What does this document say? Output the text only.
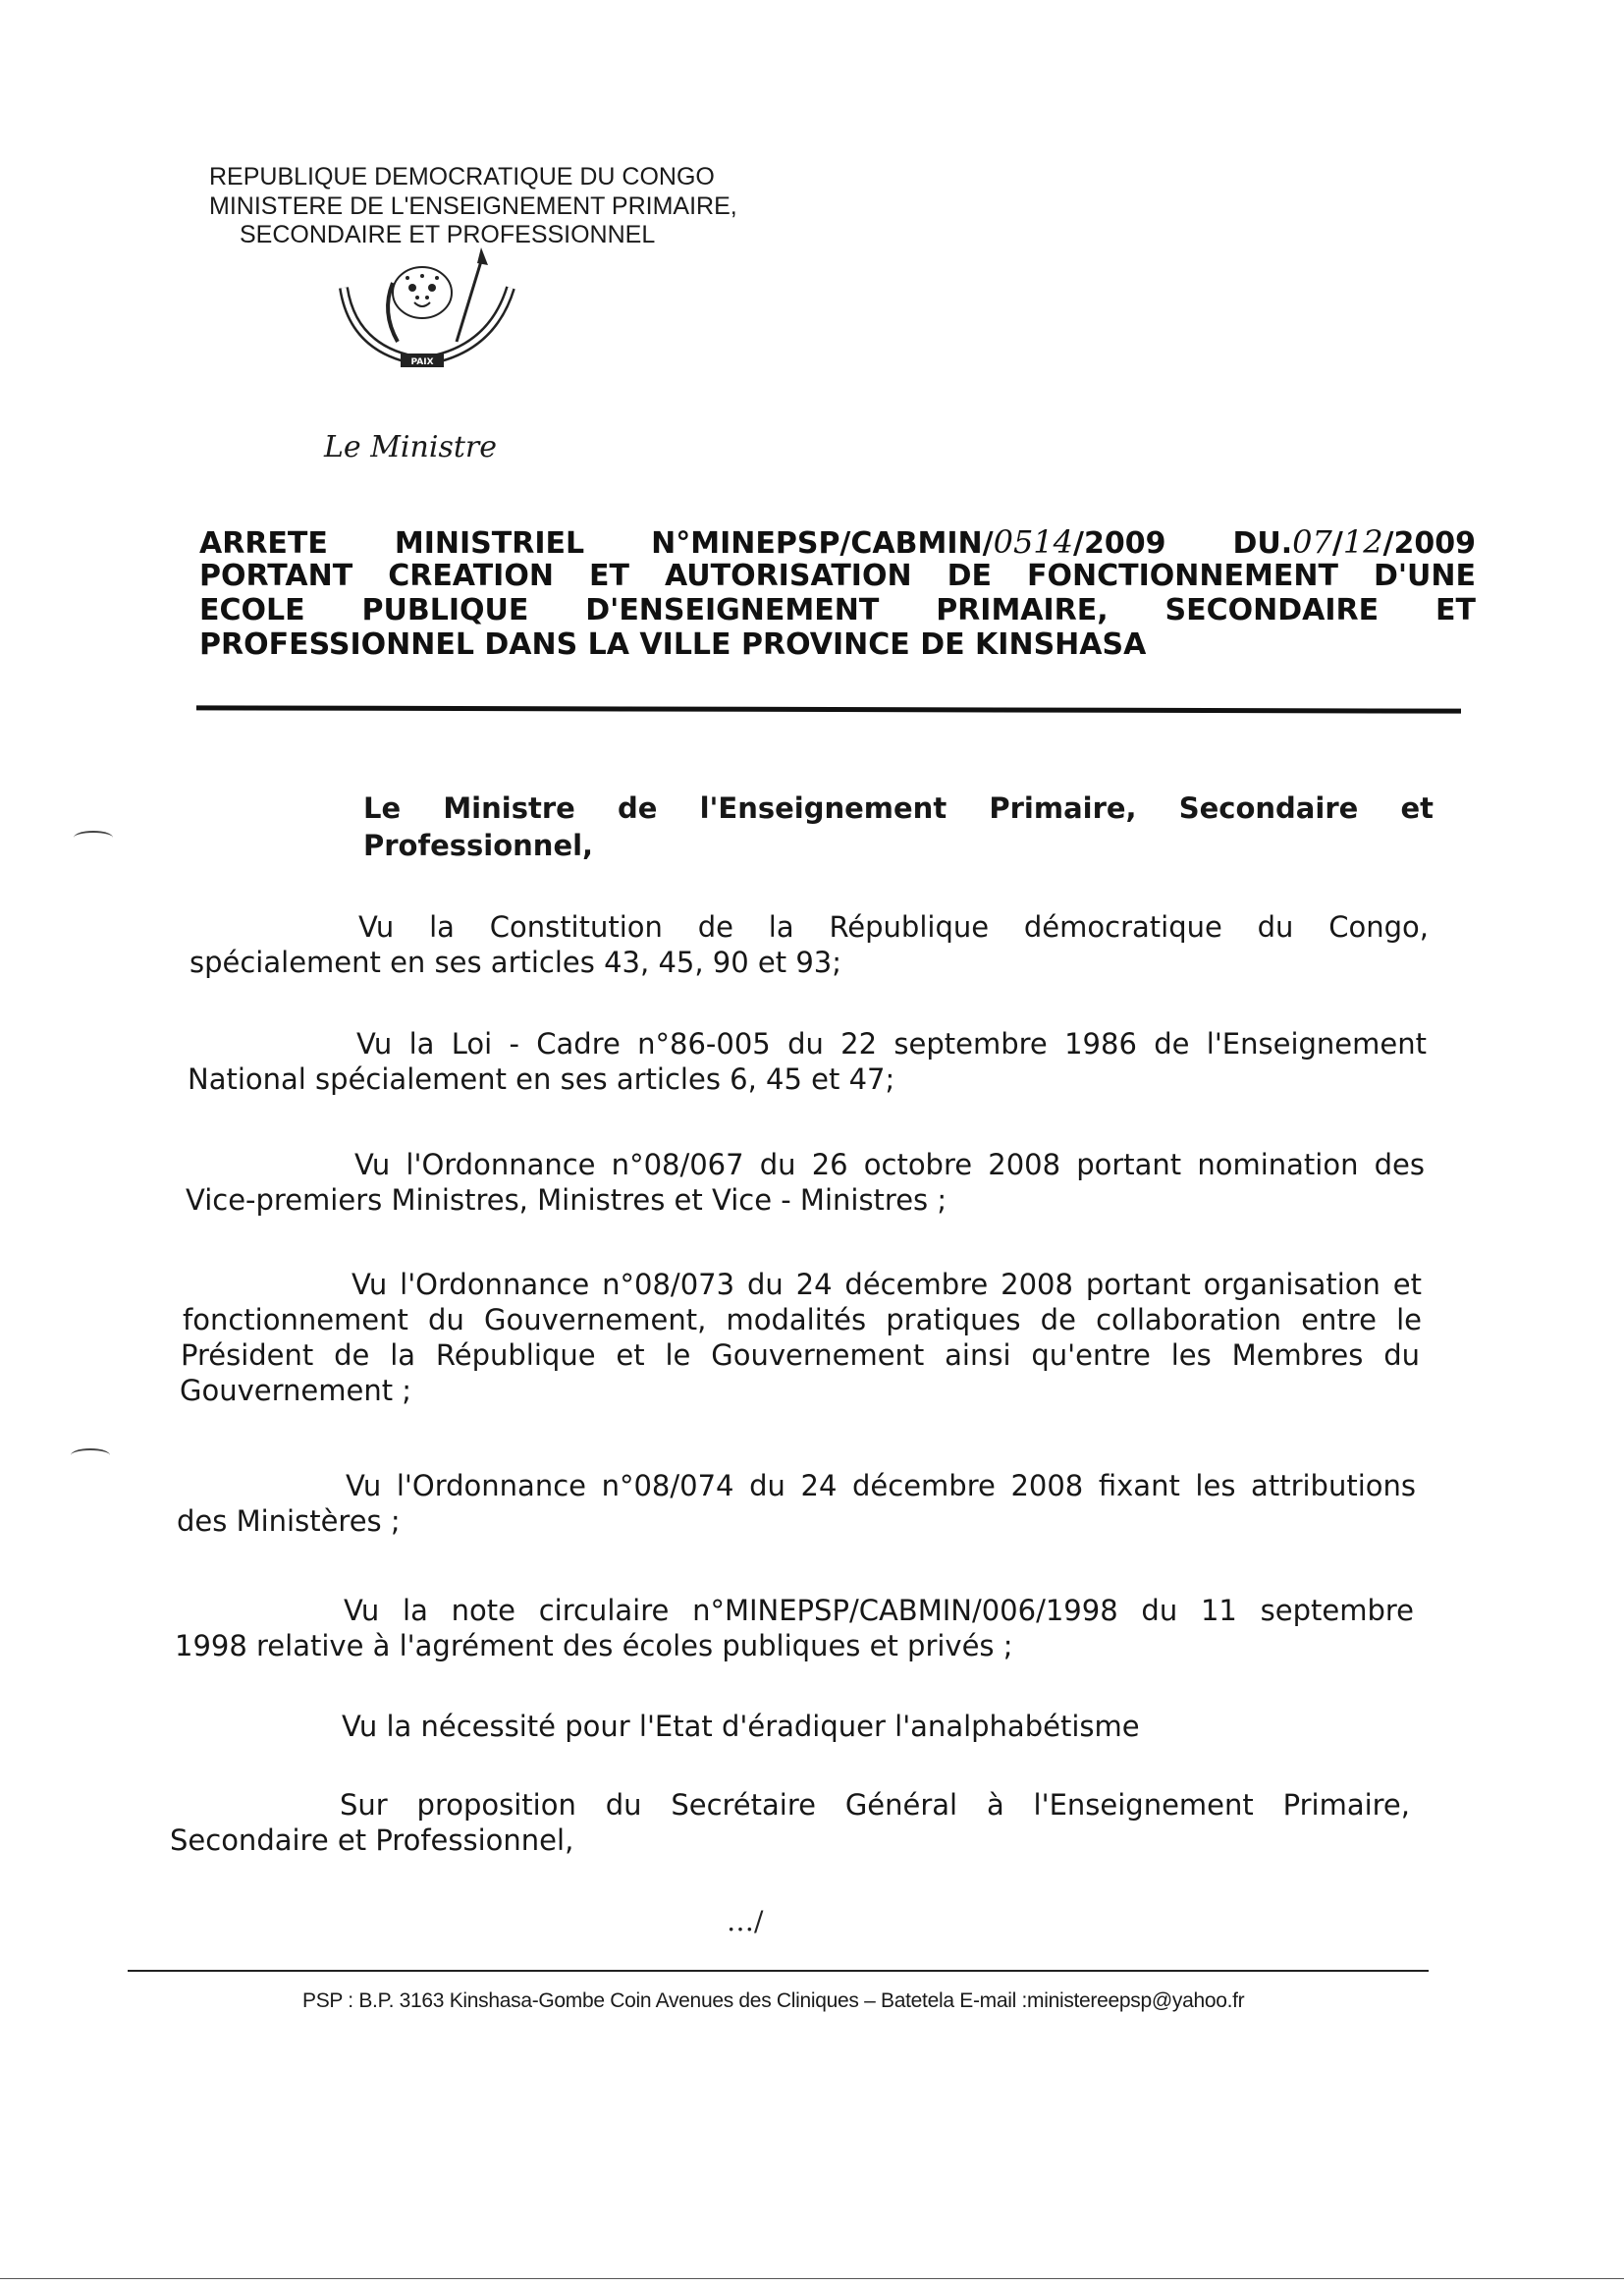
REPUBLIQUE DEMOCRATIQUE DU CONGO
MINISTERE DE L'ENSEIGNEMENT PRIMAIRE,
SECONDAIRE ET PROFESSIONNEL
PAIX
Le Ministre
ARRETE MINISTRIEL N°MINEPSP/CABMIN/0514/2009 DU.07/12/2009
PORTANT CREATION ET AUTORISATION DE FONCTIONNEMENT D'UNE
ECOLE PUBLIQUE D'ENSEIGNEMENT PRIMAIRE, SECONDAIRE ET
PROFESSIONNEL DANS LA VILLE PROVINCE DE KINSHASA
Le Ministre de l'Enseignement Primaire, Secondaire et
Professionnel,
Vu la Constitution de la République démocratique du Congo,
spécialement en ses articles 43, 45, 90 et 93;
Vu la Loi - Cadre n°86-005 du 22 septembre 1986 de l'Enseignement
National spécialement en ses articles 6, 45 et 47;
Vu l'Ordonnance n°08/067 du 26 octobre 2008 portant nomination des
Vice-premiers Ministres, Ministres et Vice - Ministres ;
Vu l'Ordonnance n°08/073 du 24 décembre 2008 portant organisation et
fonctionnement du Gouvernement, modalités pratiques de collaboration entre le
Président de la République et le Gouvernement ainsi qu'entre les Membres du
Gouvernement ;
Vu l'Ordonnance n°08/074 du 24 décembre 2008 fixant les attributions
des Ministères ;
Vu la note circulaire n°MINEPSP/CABMIN/006/1998 du 11 septembre
1998 relative à l'agrément des écoles publiques et privés ;
Vu la nécessité pour l'Etat d'éradiquer l'analphabétisme
Sur proposition du Secrétaire Général à l'Enseignement Primaire,
Secondaire et Professionnel,
…/
PSP : B.P. 3163 Kinshasa-Gombe Coin Avenues des Cliniques – Batetela E-mail :ministereepsp@yahoo.fr
